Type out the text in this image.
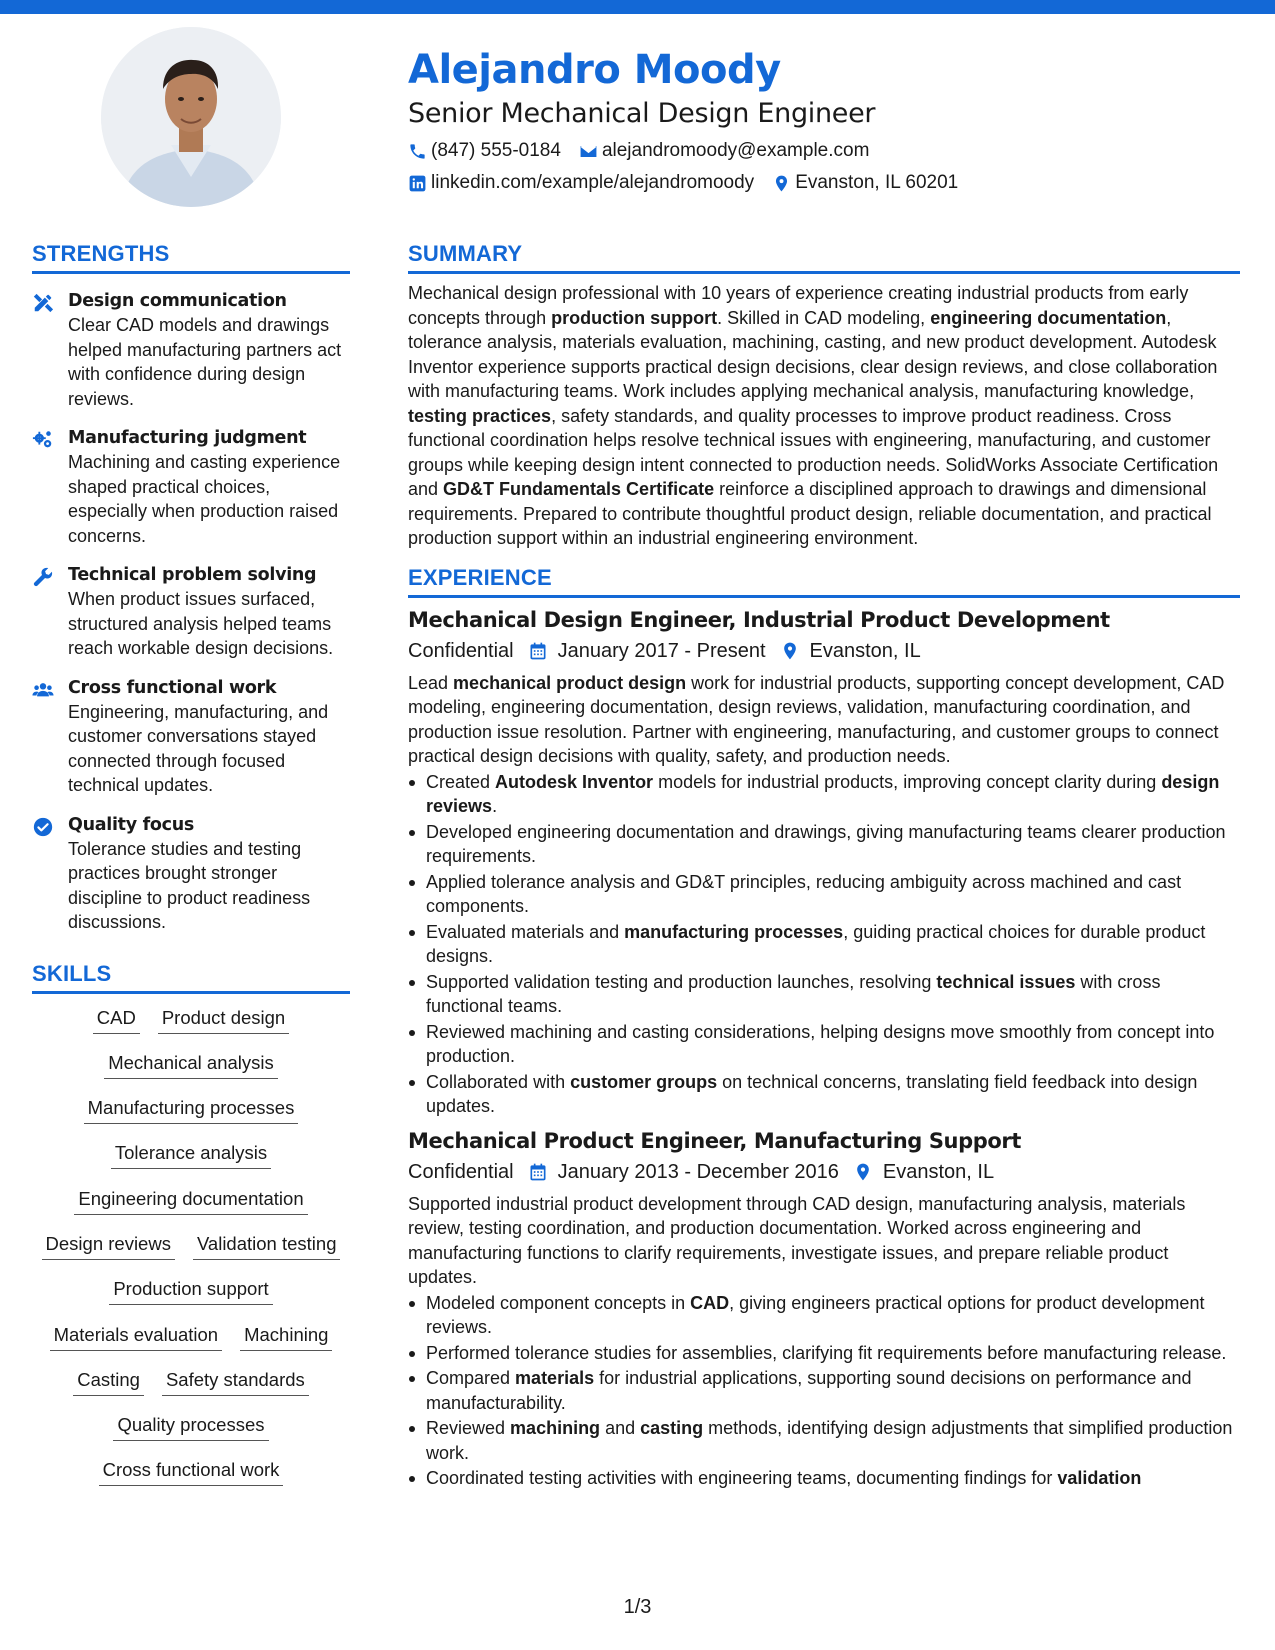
Alejandro Moody
Senior Mechanical Design Engineer
(847) 555-0184 alejandromoody@example.com
linkedin.com/example/alejandromoody Evanston, IL 60201
STRENGTHS
Design communication
Clear CAD models and drawings helped manufacturing partners act with confidence during design reviews.
Manufacturing judgment
Machining and casting experience shaped practical choices, especially when production raised concerns.
Technical problem solving
When product issues surfaced, structured analysis helped teams reach workable design decisions.
Cross functional work
Engineering, manufacturing, and customer conversations stayed connected through focused technical updates.
Quality focus
Tolerance studies and testing practices brought stronger discipline to product readiness discussions.
SKILLS
CAD Product design
Mechanical analysis
Manufacturing processes
Tolerance analysis
Engineering documentation
Design reviews Validation testing
Production support
Materials evaluation Machining
Casting Safety standards
Quality processes
Cross functional work
SUMMARY
Mechanical design professional with 10 years of experience creating industrial products from early concepts through production support. Skilled in CAD modeling, engineering documentation, tolerance analysis, materials evaluation, machining, casting, and new product development. Autodesk Inventor experience supports practical design decisions, clear design reviews, and close collaboration with manufacturing teams. Work includes applying mechanical analysis, manufacturing knowledge, testing practices, safety standards, and quality processes to improve product readiness. Cross functional coordination helps resolve technical issues with engineering, manufacturing, and customer groups while keeping design intent connected to production needs. SolidWorks Associate Certification and GD&T Fundamentals Certificate reinforce a disciplined approach to drawings and dimensional requirements. Prepared to contribute thoughtful product design, reliable documentation, and practical production support within an industrial engineering environment.
EXPERIENCE
Mechanical Design Engineer, Industrial Product Development
Confidential January 2017 - Present Evanston, IL
Lead mechanical product design work for industrial products, supporting concept development, CAD modeling, engineering documentation, design reviews, validation, manufacturing coordination, and production issue resolution. Partner with engineering, manufacturing, and customer groups to connect practical design decisions with quality, safety, and production needs.
Created Autodesk Inventor models for industrial products, improving concept clarity during design reviews.
Developed engineering documentation and drawings, giving manufacturing teams clearer production requirements.
Applied tolerance analysis and GD&T principles, reducing ambiguity across machined and cast components.
Evaluated materials and manufacturing processes, guiding practical choices for durable product designs.
Supported validation testing and production launches, resolving technical issues with cross functional teams.
Reviewed machining and casting considerations, helping designs move smoothly from concept into production.
Collaborated with customer groups on technical concerns, translating field feedback into design updates.
Mechanical Product Engineer, Manufacturing Support
Confidential January 2013 - December 2016 Evanston, IL
Supported industrial product development through CAD design, manufacturing analysis, materials review, testing coordination, and production documentation. Worked across engineering and manufacturing functions to clarify requirements, investigate issues, and prepare reliable product updates.
Modeled component concepts in CAD, giving engineers practical options for product development reviews.
Performed tolerance studies for assemblies, clarifying fit requirements before manufacturing release.
Compared materials for industrial applications, supporting sound decisions on performance and manufacturability.
Reviewed machining and casting methods, identifying design adjustments that simplified production work.
Coordinated testing activities with engineering teams, documenting findings for validation
1/3
